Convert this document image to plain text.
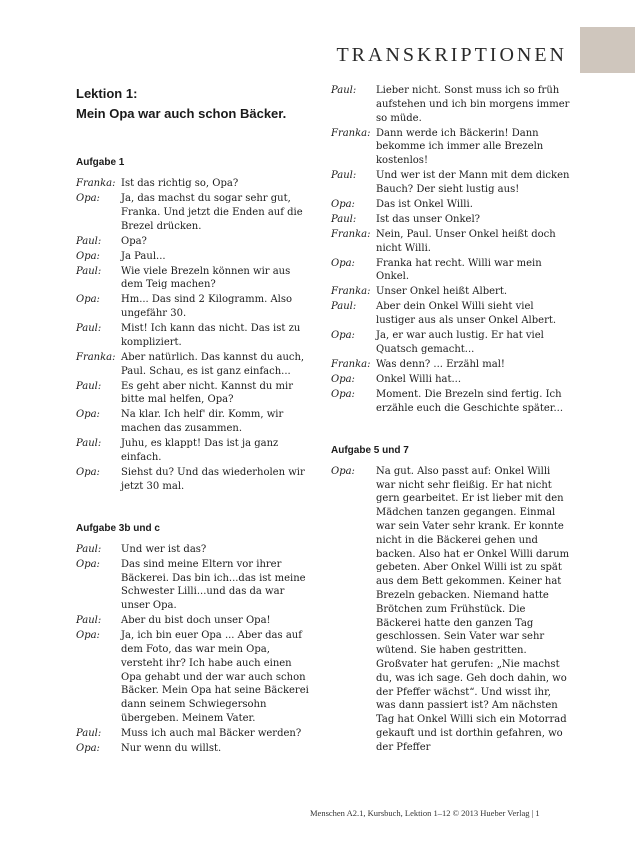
TRANSKRIPTIONEN
Lektion 1:
Mein Opa war auch schon Bäcker.
Aufgabe 1
Franka: Ist das richtig so, Opa?
Opa:	Ja, das machst du sogar sehr gut, Franka. Und jetzt die Enden auf die Brezel drücken.
Paul:	Opa?
Opa:	Ja Paul...
Paul:	Wie viele Brezeln können wir aus dem Teig machen?
Opa:	Hm... Das sind 2 Kilogramm. Also ungefähr 30.
Paul:	Mist! Ich kann das nicht. Das ist zu kompliziert.
Franka: Aber natürlich. Das kannst du auch, Paul. Schau, es ist ganz einfach...
Paul:	Es geht aber nicht. Kannst du mir bitte mal helfen, Opa?
Opa:	Na klar. Ich helf' dir. Komm, wir machen das zusammen.
Paul:	Juhu, es klappt! Das ist ja ganz einfach.
Opa:	Siehst du? Und das wiederholen wir jetzt 30 mal.
Aufgabe 3b und c
Paul:	Und wer ist das?
Opa:	Das sind meine Eltern vor ihrer Bäckerei. Das bin ich...das ist meine Schwester Lilli...und das da war unser Opa.
Paul:	Aber du bist doch unser Opa!
Opa:	Ja, ich bin euer Opa ... Aber das auf dem Foto, das war mein Opa, versteht ihr? Ich habe auch einen Opa gehabt und der war auch schon Bäcker. Mein Opa hat seine Bäckerei dann seinem Schwiegersohn übergeben. Meinem Vater.
Paul:	Muss ich auch mal Bäcker werden?
Opa:	Nur wenn du willst.
Paul:	Lieber nicht. Sonst muss ich so früh aufstehen und ich bin morgens immer so müde.
Franka: Dann werde ich Bäckerin! Dann bekomme ich immer alle Brezeln kostenlos!
Paul:	Und wer ist der Mann mit dem dicken Bauch? Der sieht lustig aus!
Opa:	Das ist Onkel Willi.
Paul:	Ist das unser Onkel?
Franka: Nein, Paul. Unser Onkel heißt doch nicht Willi.
Opa:	Franka hat recht. Willi war mein Onkel.
Franka: Unser Onkel heißt Albert.
Paul:	Aber dein Onkel Willi sieht viel lustiger aus als unser Onkel Albert.
Opa:	Ja, er war auch lustig. Er hat viel Quatsch gemacht...
Franka: Was denn? ... Erzähl mal!
Opa:	Onkel Willi hat...
Opa:	Moment. Die Brezeln sind fertig. Ich erzähle euch die Geschichte später...
Aufgabe 5 und 7
Opa:	Na gut. Also passt auf: Onkel Willi war nicht sehr fleißig. Er hat nicht gern gearbeitet. Er ist lieber mit den Mädchen tanzen gegangen. Einmal war sein Vater sehr krank. Er konnte nicht in die Bäckerei gehen und backen. Also hat er Onkel Willi darum gebeten. Aber Onkel Willi ist zu spät aus dem Bett gekommen. Keiner hat Brezeln gebacken. Niemand hatte Brötchen zum Frühstück. Die Bäckerei hatte den ganzen Tag geschlossen. Sein Vater war sehr wütend. Sie haben gestritten. Großvater hat gerufen: „Nie machst du, was ich sage. Geh doch dahin, wo der Pfeffer wächst“. Und wisst ihr, was dann passiert ist? Am nächsten Tag hat Onkel Willi sich ein Motorrad gekauft und ist dorthin gefahren, wo der Pfeffer
Menschen A2.1, Kursbuch, Lektion 1–12 © 2013 Hueber Verlag | 1
